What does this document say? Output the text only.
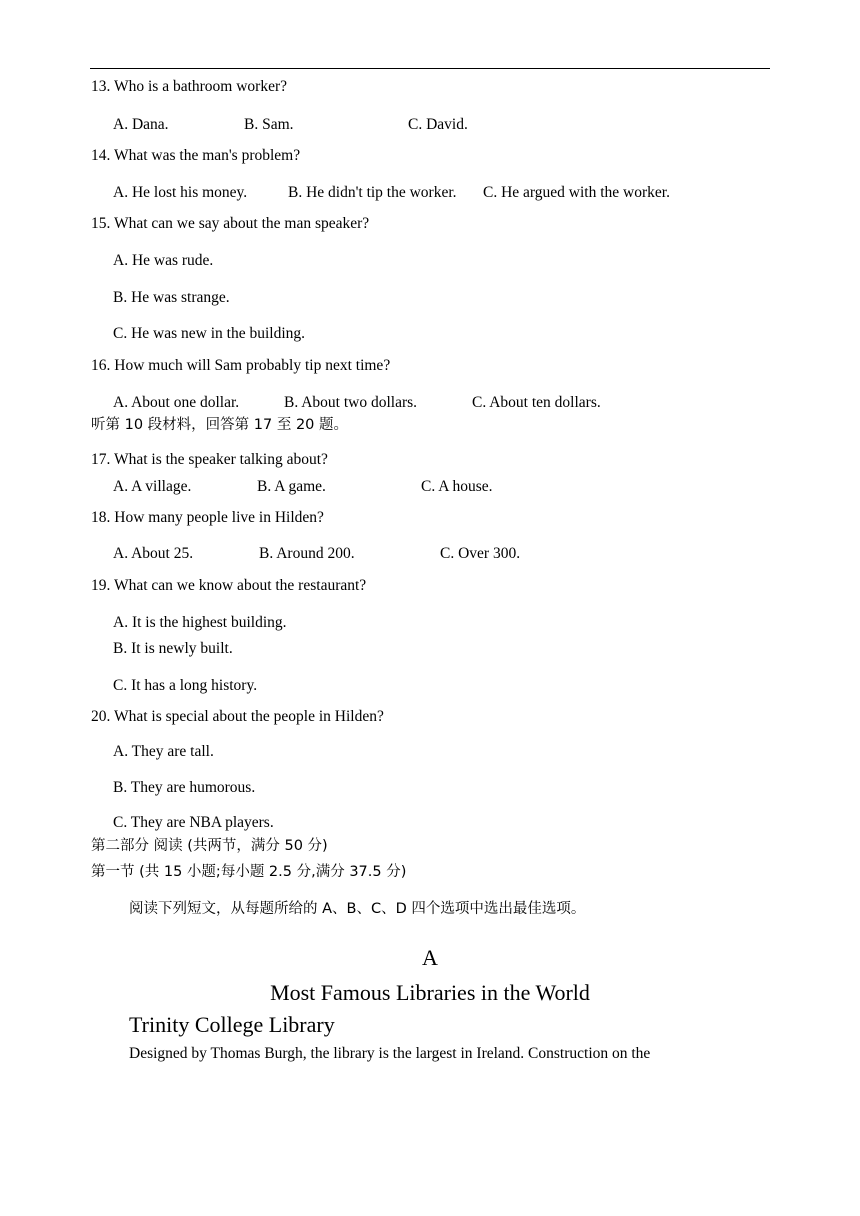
13. Who is a bathroom worker?
A. Dana.	B. Sam.	C. David.
14. What was the man's problem?
A. He lost his money.	B. He didn't tip the worker. C. He argued with the worker.
15. What can we say about the man speaker?
A. He was rude.
B. He was strange.
C. He was new in the building.
16. How much will Sam probably tip next time?
A. About one dollar.	B. About two dollars.	C. About ten dollars.
听第 10 段材料，回答第 17 至 20 题。
17. What is the speaker talking about?
A. A village.	B. A game.	C. A house.
18. How many people live in Hilden?
A. About 25.	B. Around 200.	C. Over 300.
19. What can we know about the restaurant?
A. It is the highest building.
B. It is newly built.
C. It has a long history.
20. What is special about the people in Hilden?
A. They are tall.
B. They are humorous.
C. They are NBA players.
第二部分 阅读 (共两节，满分 50 分)
第一节 (共 15 小题;每小题 2.5 分,满分 37.5 分)
阅读下列短文，从每题所给的 A、B、C、D 四个选项中选出最佳选项。
A
Most Famous Libraries in the World
Trinity College Library
Designed by Thomas Burgh, the library is the largest in Ireland. Construction on the
